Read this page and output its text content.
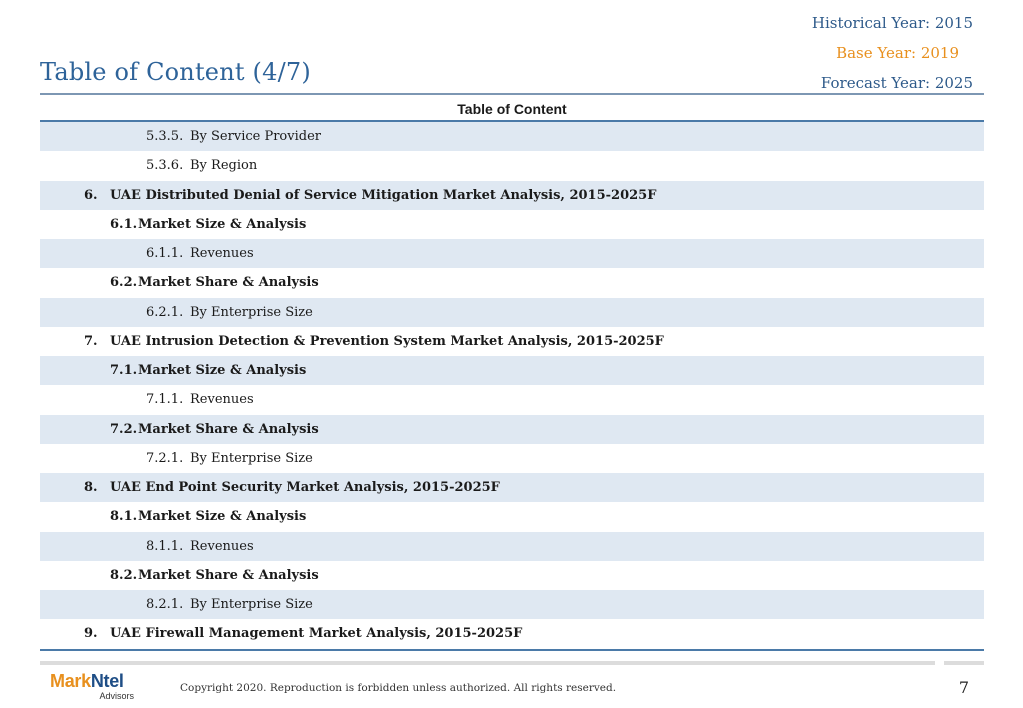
Historical Year: 2015
Base Year: 2019
Forecast Year: 2025
Table of Content (4/7)
Table of Content
5.3.5. By Service Provider
5.3.6. By Region
6. UAE Distributed Denial of Service Mitigation Market Analysis, 2015-2025F
6.1. Market Size & Analysis
6.1.1. Revenues
6.2. Market Share & Analysis
6.2.1. By Enterprise Size
7. UAE Intrusion Detection & Prevention System Market Analysis, 2015-2025F
7.1. Market Size & Analysis
7.1.1. Revenues
7.2. Market Share & Analysis
7.2.1. By Enterprise Size
8. UAE End Point Security Market Analysis, 2015-2025F
8.1. Market Size & Analysis
8.1.1. Revenues
8.2. Market Share & Analysis
8.2.1. By Enterprise Size
9. UAE Firewall Management Market Analysis, 2015-2025F
MarkNtel
Advisors
Copyright 2020. Reproduction is forbidden unless authorized. All rights reserved.	7
